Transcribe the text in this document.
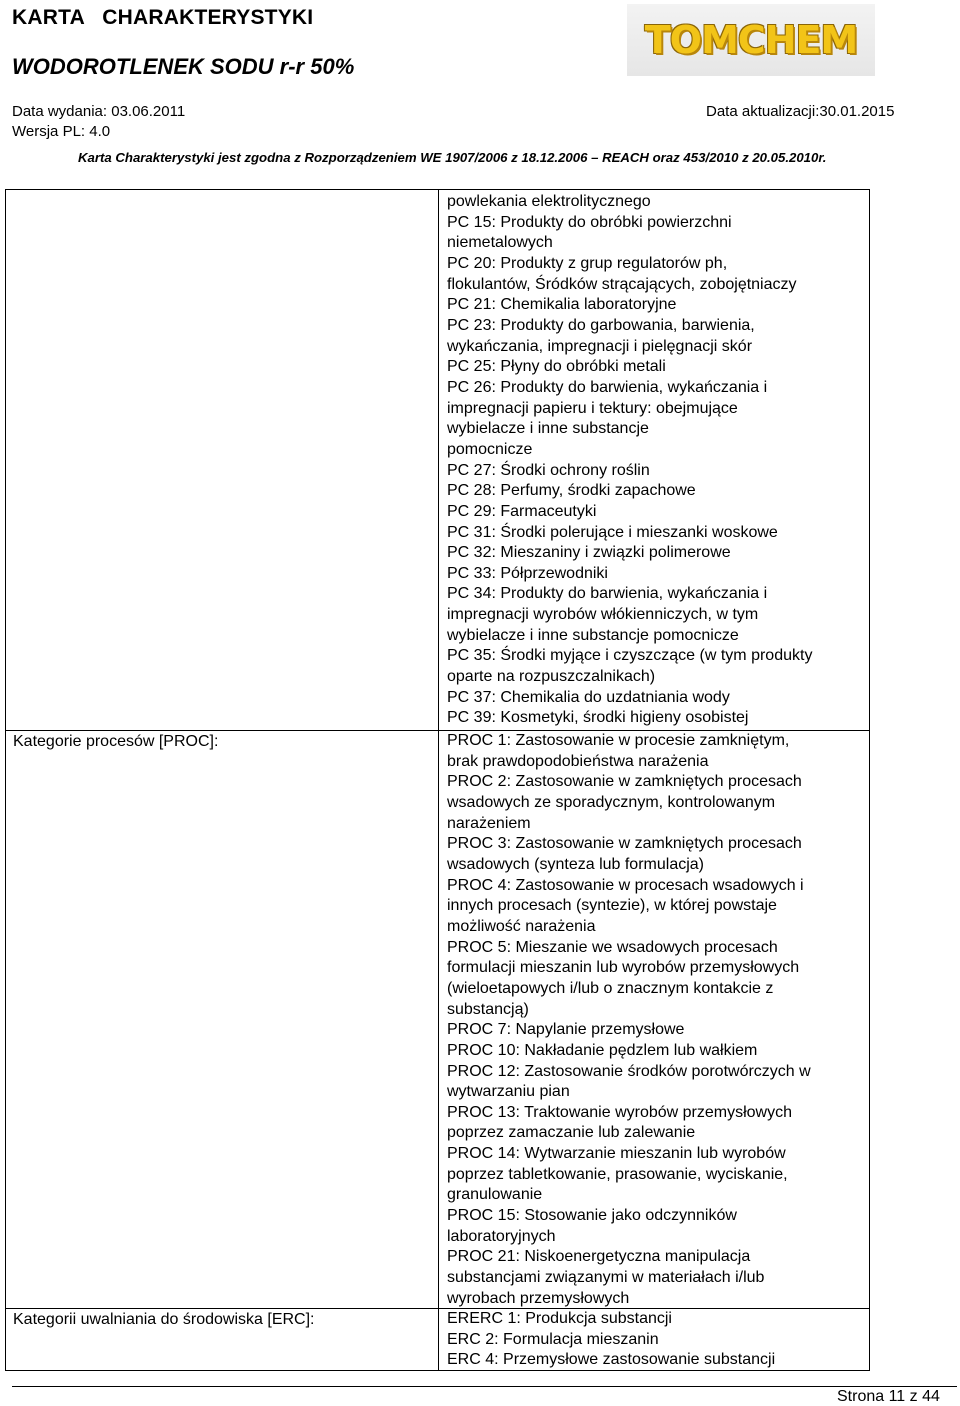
KARTA   CHARAKTERYSTYKI
WODOROTLENEK SODU r-r 50%
TOMCHEM
Data wydania: 03.06.2011	Data aktualizacji:30.01.2015
Wersja PL: 4.0
Karta Charakterystyki jest zgodna z Rozporządzeniem WE 1907/2006 z 18.12.2006 – REACH oraz 453/2010 z 20.05.2010r.
powlekania elektrolitycznego
PC 15: Produkty do obróbki powierzchni
niemetalowych
PC 20: Produkty z grup regulatorów ph,
flokulantów, Śródków strącających, zobojętniaczy
PC 21: Chemikalia laboratoryjne
PC 23: Produkty do garbowania, barwienia,
wykańczania, impregnacji i pielęgnacji skór
PC 25: Płyny do obróbki metali
PC 26: Produkty do barwienia, wykańczania i
impregnacji papieru i tektury: obejmujące
wybielacze i inne substancje
pomocnicze
PC 27: Środki ochrony roślin
PC 28: Perfumy, środki zapachowe
PC 29: Farmaceutyki
PC 31: Środki polerujące i mieszanki woskowe
PC 32: Mieszaniny i związki polimerowe
PC 33: Półprzewodniki
PC 34: Produkty do barwienia, wykańczania i
impregnacji wyrobów włókienniczych, w tym
wybielacze i inne substancje pomocnicze
PC 35: Środki myjące i czyszczące (w tym produkty
oparte na rozpuszczalnikach)
PC 37: Chemikalia do uzdatniania wody
PC 39: Kosmetyki, środki higieny osobistej
Kategorie procesów [PROC]:	PROC 1: Zastosowanie w procesie zamkniętym,
brak prawdopodobieństwa narażenia
PROC 2: Zastosowanie w zamkniętych procesach
wsadowych ze sporadycznym, kontrolowanym
narażeniem
PROC 3: Zastosowanie w zamkniętych procesach
wsadowych (synteza lub formulacja)
PROC 4: Zastosowanie w procesach wsadowych i
innych procesach (syntezie), w której powstaje
możliwość narażenia
PROC 5: Mieszanie we wsadowych procesach
formulacji mieszanin lub wyrobów przemysłowych
(wieloetapowych i/lub o znacznym kontakcie z
substancją)
PROC 7: Napylanie przemysłowe
PROC 10: Nakładanie pędzlem lub wałkiem
PROC 12: Zastosowanie środków porotwórczych w
wytwarzaniu pian
PROC 13: Traktowanie wyrobów przemysłowych
poprzez zamaczanie lub zalewanie
PROC 14: Wytwarzanie mieszanin lub wyrobów
poprzez tabletkowanie, prasowanie, wyciskanie,
granulowanie
PROC 15: Stosowanie jako odczynników
laboratoryjnych
PROC 21: Niskoenergetyczna manipulacja
substancjami związanymi w materiałach i/lub
wyrobach przemysłowych
Kategorii uwalniania do środowiska [ERC]:	ERERC 1: Produkcja substancji
ERC 2: Formulacja mieszanin
ERC 4: Przemysłowe zastosowanie substancji
Strona 11 z 44
